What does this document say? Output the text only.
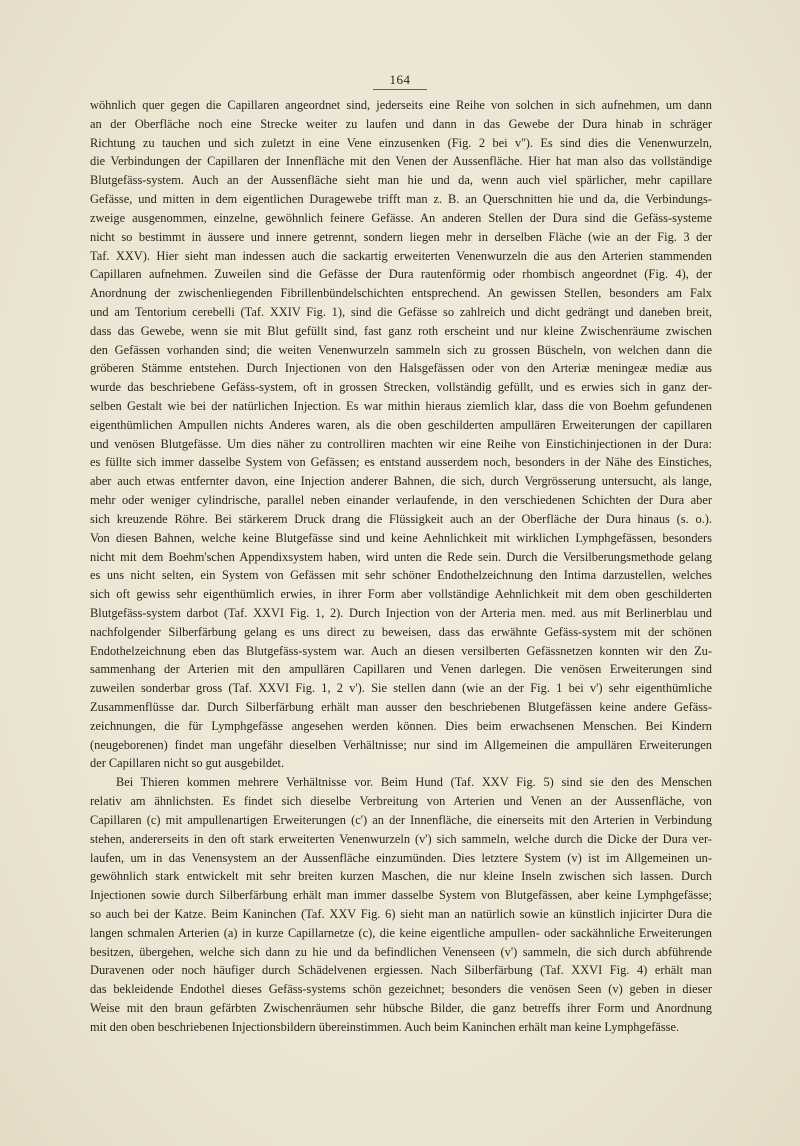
164
wöhnlich quer gegen die Capillaren angeordnet sind, jederseits eine Reihe von solchen in sich aufnehmen, um dann
an der Oberfläche noch eine Strecke weiter zu laufen und dann in das Gewebe der Dura hinab in schräger
Richtung zu tauchen und sich zuletzt in eine Vene einzusenken (Fig. 2 bei v''). Es sind dies die Venenwurzeln,
die Verbindungen der Capillaren der Innenfläche mit den Venen der Aussenfläche. Hier hat man also das vollständige
Blutgefäss-system. Auch an der Aussenfläche sieht man hie und da, wenn auch viel spärlicher, mehr capillare
Gefässe, und mitten in dem eigentlichen Duragewebe trifft man z. B. an Querschnitten hie und da, die Verbindungs-
zweige ausgenommen, einzelne, gewöhnlich feinere Gefässe. An anderen Stellen der Dura sind die Gefäss-systeme
nicht so bestimmt in äussere und innere getrennt, sondern liegen mehr in derselben Fläche (wie an der Fig. 3 der
Taf. XXV). Hier sieht man indessen auch die sackartig erweiterten Venenwurzeln die aus den Arterien stammenden
Capillaren aufnehmen. Zuweilen sind die Gefässe der Dura rautenförmig oder rhombisch angeordnet (Fig. 4), der
Anordnung der zwischenliegenden Fibrillenbündelschichten entsprechend. An gewissen Stellen, besonders am Falx
und am Tentorium cerebelli (Taf. XXIV Fig. 1), sind die Gefässe so zahlreich und dicht gedrängt und daneben breit,
dass das Gewebe, wenn sie mit Blut gefüllt sind, fast ganz roth erscheint und nur kleine Zwischenräume zwischen
den Gefässen vorhanden sind; die weiten Venenwurzeln sammeln sich zu grossen Büscheln, von welchen dann die
gröberen Stämme entstehen. Durch Injectionen von den Halsgefässen oder von den Arteriæ meningeæ mediæ aus
wurde das beschriebene Gefäss-system, oft in grossen Strecken, vollständig gefüllt, und es erwies sich in ganz der-
selben Gestalt wie bei der natürlichen Injection. Es war mithin hieraus ziemlich klar, dass die von Boehm gefundenen
eigenthümlichen Ampullen nichts Anderes waren, als die oben geschilderten ampullären Erweiterungen der capillaren
und venösen Blutgefässe. Um dies näher zu controlliren machten wir eine Reihe von Einstichinjectionen in der Dura:
es füllte sich immer dasselbe System von Gefässen; es entstand ausserdem noch, besonders in der Nähe des Einstiches,
aber auch etwas entfernter davon, eine Injection anderer Bahnen, die sich, durch Vergrösserung untersucht, als lange,
mehr oder weniger cylindrische, parallel neben einander verlaufende, in den verschiedenen Schichten der Dura aber
sich kreuzende Röhre. Bei stärkerem Druck drang die Flüssigkeit auch an der Oberfläche der Dura hinaus (s. o.).
Von diesen Bahnen, welche keine Blutgefässe sind und keine Aehnlichkeit mit wirklichen Lymphgefässen, besonders
nicht mit dem Boehm'schen Appendixsystem haben, wird unten die Rede sein. Durch die Versilberungsmethode gelang
es uns nicht selten, ein System von Gefässen mit sehr schöner Endothelzeichnung den Intima darzustellen, welches
sich oft gewiss sehr eigenthümlich erwies, in ihrer Form aber vollständige Aehnlichkeit mit dem oben geschilderten
Blutgefäss-system darbot (Taf. XXVI Fig. 1, 2). Durch Injection von der Arteria men. med. aus mit Berlinerblau und
nachfolgender Silberfärbung gelang es uns direct zu beweisen, dass das erwähnte Gefäss-system mit der schönen
Endothelzeichnung eben das Blutgefäss-system war. Auch an diesen versilberten Gefässnetzen konnten wir den Zu-
sammenhang der Arterien mit den ampullären Capillaren und Venen darlegen. Die venösen Erweiterungen sind
zuweilen sonderbar gross (Taf. XXVI Fig. 1, 2 v'). Sie stellen dann (wie an der Fig. 1 bei v') sehr eigenthümliche
Zusammenflüsse dar. Durch Silberfärbung erhält man ausser den beschriebenen Blutgefässen keine andere Gefäss-
zeichnungen, die für Lymphgefässe angesehen werden können. Dies beim erwachsenen Menschen. Bei Kindern
(neugeborenen) findet man ungefähr dieselben Verhältnisse; nur sind im Allgemeinen die ampullären Erweiterungen
der Capillaren nicht so gut ausgebildet.
Bei Thieren kommen mehrere Verhältnisse vor. Beim Hund (Taf. XXV Fig. 5) sind sie den des Menschen
relativ am ähnlichsten. Es findet sich dieselbe Verbreitung von Arterien und Venen an der Aussenfläche, von
Capillaren (c) mit ampullenartigen Erweiterungen (c') an der Innenfläche, die einerseits mit den Arterien in Verbindung
stehen, andererseits in den oft stark erweiterten Venenwurzeln (v') sich sammeln, welche durch die Dicke der Dura ver-
laufen, um in das Venensystem an der Aussenfläche einzumünden. Dies letztere System (v) ist im Allgemeinen un-
gewöhnlich stark entwickelt mit sehr breiten kurzen Maschen, die nur kleine Inseln zwischen sich lassen. Durch
Injectionen sowie durch Silberfärbung erhält man immer dasselbe System von Blutgefässen, aber keine Lymphgefässe;
so auch bei der Katze. Beim Kaninchen (Taf. XXV Fig. 6) sieht man an natürlich sowie an künstlich injicirter Dura die
langen schmalen Arterien (a) in kurze Capillarnetze (c), die keine eigentliche ampullen- oder sackähnliche Erweiterungen
besitzen, übergehen, welche sich dann zu hie und da befindlichen Venenseen (v') sammeln, die sich durch abführende
Duravenen oder noch häufiger durch Schädelvenen ergiessen. Nach Silberfärbung (Taf. XXVI Fig. 4) erhält man
das bekleidende Endothel dieses Gefäss-systems schön gezeichnet; besonders die venösen Seen (v) geben in dieser
Weise mit den braun gefärbten Zwischenräumen sehr hübsche Bilder, die ganz betreffs ihrer Form und Anordnung
mit den oben beschriebenen Injectionsbildern übereinstimmen. Auch beim Kaninchen erhält man keine Lymphgefässe.
